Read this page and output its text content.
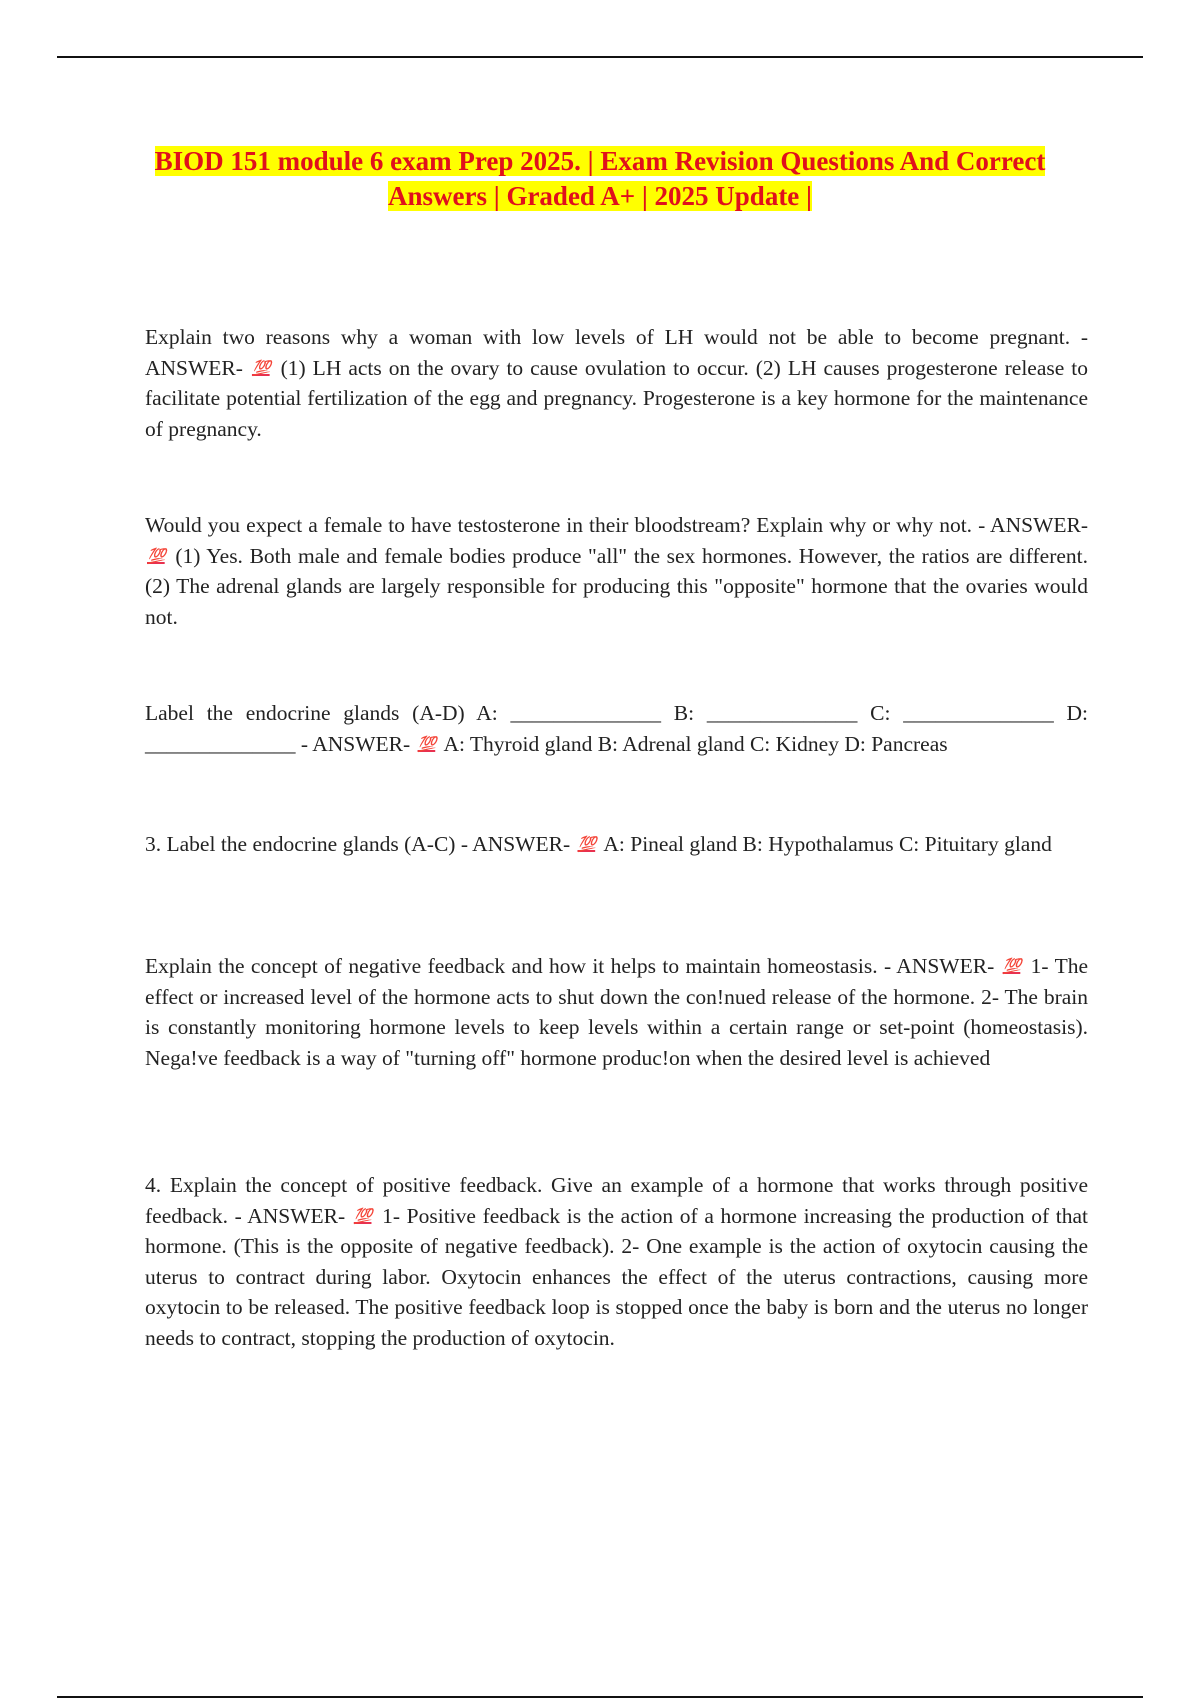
BIOD 151 module 6 exam Prep 2025. | Exam Revision Questions And Correct Answers | Graded A+ | 2025 Update |
Explain two reasons why a woman with low levels of LH would not be able to become pregnant. - ANSWER- 💯 (1) LH acts on the ovary to cause ovulation to occur. (2) LH causes progesterone release to facilitate potential fertilization of the egg and pregnancy. Progesterone is a key hormone for the maintenance of pregnancy.
Would you expect a female to have testosterone in their bloodstream? Explain why or why not. - ANSWER- 💯 (1) Yes. Both male and female bodies produce "all" the sex hormones. However, the ratios are different. (2) The adrenal glands are largely responsible for producing this "opposite" hormone that the ovaries would not.
Label the endocrine glands (A-D) A: ______________ B: ______________ C: ______________ D: ______________ - ANSWER- 💯 A: Thyroid gland B: Adrenal gland C: Kidney D: Pancreas
3. Label the endocrine glands (A-C) - ANSWER- 💯 A: Pineal gland B: Hypothalamus C: Pituitary gland
Explain the concept of negative feedback and how it helps to maintain homeostasis. - ANSWER- 💯 1- The effect or increased level of the hormone acts to shut down the con!nued release of the hormone. 2- The brain is constantly monitoring hormone levels to keep levels within a certain range or set-point (homeostasis). Nega!ve feedback is a way of "turning off" hormone produc!on when the desired level is achieved
4. Explain the concept of positive feedback. Give an example of a hormone that works through positive feedback. - ANSWER- 💯 1- Positive feedback is the action of a hormone increasing the production of that hormone. (This is the opposite of negative feedback). 2- One example is the action of oxytocin causing the uterus to contract during labor. Oxytocin enhances the effect of the uterus contractions, causing more oxytocin to be released. The positive feedback loop is stopped once the baby is born and the uterus no longer needs to contract, stopping the production of oxytocin.
